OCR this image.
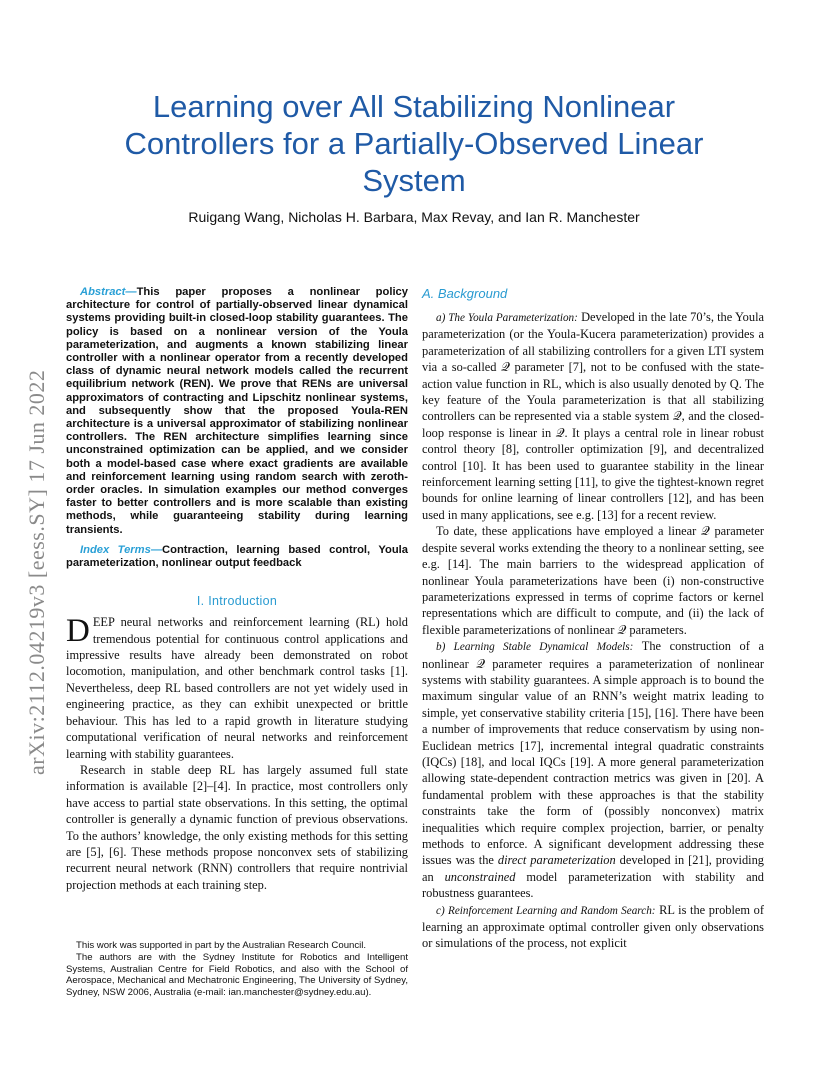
Learning over All Stabilizing Nonlinear Controllers for a Partially-Observed Linear System
Ruigang Wang, Nicholas H. Barbara, Max Revay, and Ian R. Manchester
arXiv:2112.04219v3 [eess.SY] 17 Jun 2022

Abstract—This paper proposes a nonlinear policy architecture for control of partially-observed linear dynamical systems providing built-in closed-loop stability guarantees. The policy is based on a nonlinear version of the Youla parameterization, and augments a known stabilizing linear controller with a nonlinear operator from a recently developed class of dynamic neural network models called the recurrent equilibrium network (REN). We prove that RENs are universal approximators of contracting and Lipschitz nonlinear systems, and subsequently show that the proposed Youla-REN architecture is a universal approximator of stabilizing nonlinear controllers. The REN architecture simplifies learning since unconstrained optimization can be applied, and we consider both a model-based case where exact gradients are available and reinforcement learning using random search with zeroth-order oracles. In simulation examples our method converges faster to better controllers and is more scalable than existing methods, while guaranteeing stability during learning transients.

Index Terms—Contraction, learning based control, Youla parameterization, nonlinear output feedback

I. Introduction

DEEP neural networks and reinforcement learning (RL) hold tremendous potential for continuous control applications and impressive results have already been demonstrated on robot locomotion, manipulation, and other benchmark control tasks [1]. Nevertheless, deep RL based controllers are not yet widely used in engineering practice, as they can exhibit unexpected or brittle behaviour. This has led to a rapid growth in literature studying computational verification of neural networks and reinforcement learning with stability guarantees.

Research in stable deep RL has largely assumed full state information is available [2]–[4]. In practice, most controllers only have access to partial state observations. In this setting, the optimal controller is generally a dynamic function of previous observations. To the authors’ knowledge, the only existing methods for this setting are [5], [6]. These methods propose nonconvex sets of stabilizing recurrent neural network (RNN) controllers that require nontrivial projection methods at each training step.

This work was supported in part by the Australian Research Council.

The authors are with the Sydney Institute for Robotics and Intelligent Systems, Australian Centre for Field Robotics, and also with the School of Aerospace, Mechanical and Mechatronic Engineering, The University of Sydney, Sydney, NSW 2006, Australia (e-mail: ian.manchester@sydney.edu.au).

A. Background

a) The Youla Parameterization: Developed in the late 70’s, the Youla parameterization (or the Youla-Kucera parameterization) provides a parameterization of all stabilizing controllers for a given LTI system via a so-called 𝒬 parameter [7], not to be confused with the state-action value function in RL, which is also usually denoted by Q. The key feature of the Youla parameterization is that all stabilizing controllers can be represented via a stable system 𝒬, and the closed-loop response is linear in 𝒬. It plays a central role in linear robust control theory [8], controller optimization [9], and decentralized control [10]. It has been used to guarantee stability in the linear reinforcement learning setting [11], to give the tightest-known regret bounds for online learning of linear controllers [12], and has been used in many applications, see e.g. [13] for a recent review.

To date, these applications have employed a linear 𝒬 parameter despite several works extending the theory to a nonlinear setting, see e.g. [14]. The main barriers to the widespread application of nonlinear Youla parameterizations have been (i) non-constructive parameterizations expressed in terms of coprime factors or kernel representations which are difficult to compute, and (ii) the lack of flexible parameterizations of nonlinear 𝒬 parameters.

b) Learning Stable Dynamical Models: The construction of a nonlinear 𝒬 parameter requires a parameterization of nonlinear systems with stability guarantees. A simple approach is to bound the maximum singular value of an RNN’s weight matrix leading to simple, yet conservative stability criteria [15], [16]. There have been a number of improvements that reduce conservatism by using non-Euclidean metrics [17], incremental integral quadratic constraints (IQCs) [18], and local IQCs [19]. A more general parameterization allowing state-dependent contraction metrics was given in [20]. A fundamental problem with these approaches is that the stability constraints take the form of (possibly nonconvex) matrix inequalities which require complex projection, barrier, or penalty methods to enforce. A significant development addressing these issues was the direct parameterization developed in [21], providing an unconstrained model parameterization with stability and robustness guarantees.

c) Reinforcement Learning and Random Search: RL is the problem of learning an approximate optimal controller given only observations or simulations of the process, not explicit
